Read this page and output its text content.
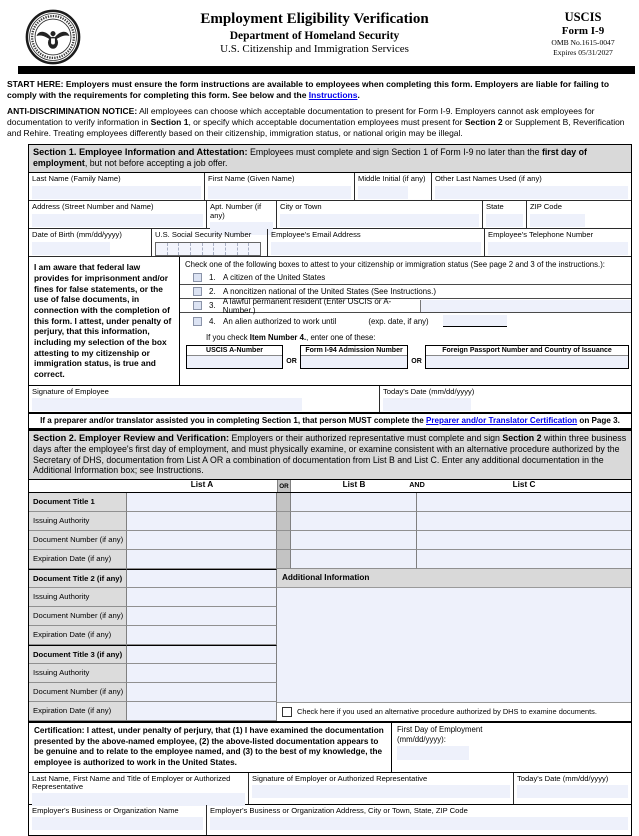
Employment Eligibility Verification
Department of Homeland Security
U.S. Citizenship and Immigration Services
USCIS
Form I-9
OMB No.1615-0047
Expires 05/31/2027
START HERE: Employers must ensure the form instructions are available to employees when completing this form. Employers are liable for failing to comply with the requirements for completing this form. See below and the Instructions.
ANTI-DISCRIMINATION NOTICE: All employees can choose which acceptable documentation to present for Form I-9. Employers cannot ask employees for documentation to verify information in Section 1, or specify which acceptable documentation employees must present for Section 2 or Supplement B, Reverification and Rehire. Treating employees differently based on their citizenship, immigration status, or national origin may be illegal.
Section 1. Employee Information and Attestation: Employees must complete and sign Section 1 of Form I-9 no later than the first day of employment, but not before accepting a job offer.
Last Name (Family Name)	First Name (Given Name)	Middle Initial (if any)	Other Last Names Used (if any)
Address (Street Number and Name)	Apt. Number (if any)
City or Town	State	ZIP Code
Date of Birth (mm/dd/yyyy)	U.S. Social Security Number	Employee's Email Address	Employee's Telephone Number
I am aware that federal law provides for imprisonment and/or fines for false statements, or the use of false documents, in connection with the completion of this form. I attest, under penalty of perjury, that this information, including my selection of the box attesting to my citizenship or immigration status, is true and correct.
Check one of the following boxes to attest to your citizenship or immigration status (See page 2 and 3 of the instructions.):
1. A citizen of the United States
2. A noncitizen national of the United States (See Instructions.)
3. A lawful permanent resident (Enter USCIS or A-Number.)
4. An alien authorized to work until	(exp. date, if any)
If you check Item Number 4., enter one of these:
USCIS A-Number
OR
Form I-94 Admission Number
OR
Foreign Passport Number and Country of Issuance
Signature of Employee	Today's Date (mm/dd/yyyy)
If a preparer and/or translator assisted you in completing Section 1, that person MUST complete the Preparer and/or Translator Certification on Page 3.
Section 2. Employer Review and Verification: Employers or their authorized representative must complete and sign Section 2 within three business days after the employee's first day of employment, and must physically examine, or examine consistent with an alternative procedure authorized by the Secretary of DHS, documentation from List A OR a combination of documentation from List B and List C. Enter any additional documentation in the Additional Information box; see Instructions.
List A	OR	List B	AND	List C
Document Title 1
Issuing Authority
Document Number (if any)
Expiration Date (if any)
Document Title 2 (if any)	Additional Information
Issuing Authority
Document Number (if any)
Expiration Date (if any)
Document Title 3 (if any)
Issuing Authority
Document Number (if any)
Expiration Date (if any)	Check here if you used an alternative procedure authorized by DHS to examine documents.
Certification: I attest, under penalty of perjury, that (1) I have examined the documentation presented by the above-named employee, (2) the above-listed documentation appears to be genuine and to relate to the employee named, and (3) to the best of my knowledge, the employee is authorized to work in the United States.
First Day of Employment
(mm/dd/yyyy):
Last Name, First Name and Title of Employer or Authorized Representative
Signature of Employer or Authorized Representative	Today's Date (mm/dd/yyyy)
Employer's Business or Organization Name	Employer's Business or Organization Address, City or Town, State, ZIP Code
